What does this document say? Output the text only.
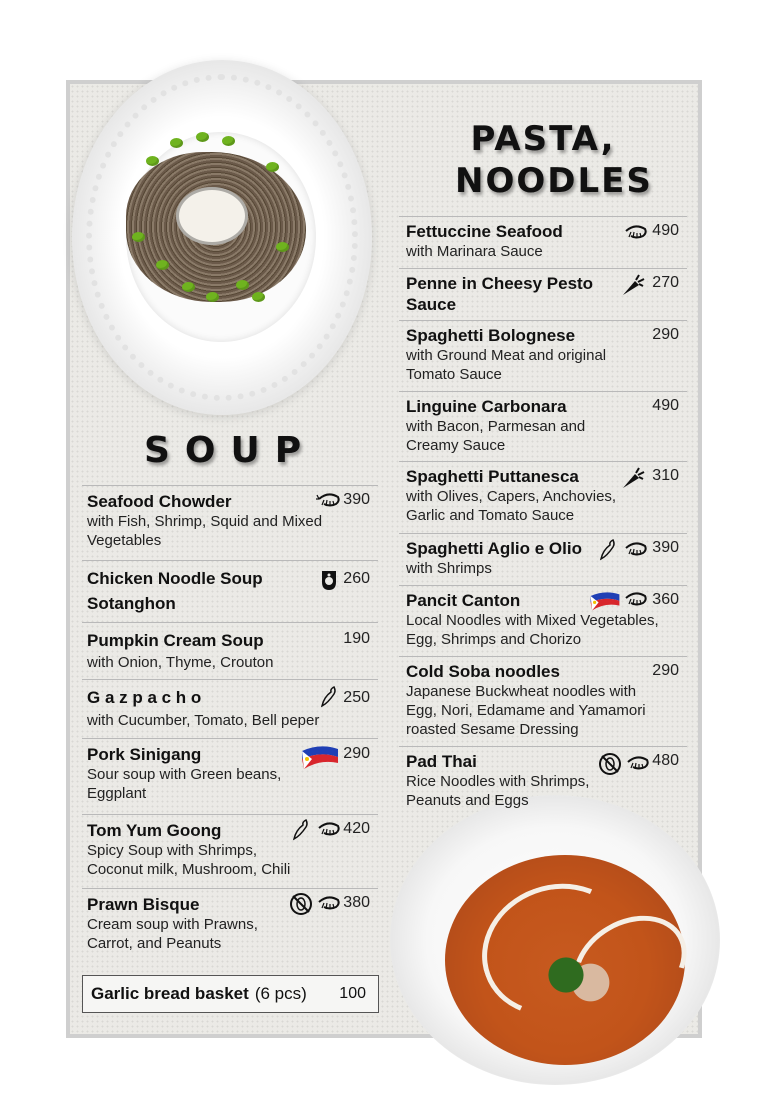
SOUP
PASTA,
NOODLES
Seafood Chowder
with Fish, Shrimp, Squid and Mixed Vegetables
390
Chicken Noodle Soup Sotanghon
260
Pumpkin Cream Soup
with Onion, Thyme, Crouton
190
G a z p a c h o
with Cucumber, Tomato, Bell peper
250
Pork Sinigang
Sour soup with Green beans, Eggplant
290
Tom Yum Goong
Spicy Soup with Shrimps, Coconut milk, Mushroom, Chili
420
Prawn Bisque
Cream soup with Prawns, Carrot, and Peanuts
380
Garlic bread basket (6 pcs) 100
Fettuccine Seafood
with Marinara Sauce
490
Penne in Cheesy Pesto Sauce
270
Spaghetti Bolognese
with Ground Meat and original Tomato Sauce
290
Linguine Carbonara
with Bacon, Parmesan and Creamy Sauce
490
Spaghetti Puttanesca
with Olives, Capers, Anchovies, Garlic and Tomato Sauce
310
Spaghetti Aglio e Olio
with Shrimps
390
Pancit Canton
Local Noodles with Mixed Vegetables, Egg, Shrimps and Chorizo
360
Cold Soba noodles
Japanese Buckwheat noodles with Egg, Nori, Edamame and Yamamori roasted Sesame Dressing
290
Pad Thai
Rice Noodles with Shrimps, Peanuts and Eggs
480
